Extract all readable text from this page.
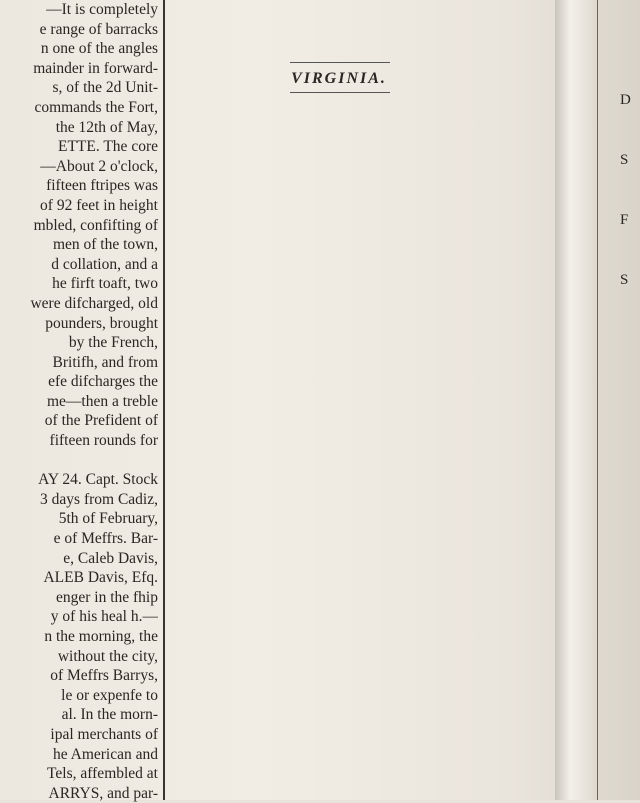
—It is completely

e range of barracks

n one of the angles

mainder in forward-

s, of the 2d Unit-

commands the Fort,

the 12th of May,

ETTE. The core

—About 2 o'clock,

fifteen ftripes was

of 92 feet in height

mbled, confifting of

men of the town,

d collation, and a

he firft toaft, two

were difcharged, old

pounders, brought

by the French,

Britifh, and from

efe difcharges the

me—then a treble

of the Prefident of

fifteen rounds for

AY 24. Capt. Stock

3 days from Cadiz,

5th of February,

e of Meffrs. Bar-

e, Caleb Davis,

ALEB Davis, Efq.

enger in the fhip

y of his heal h.—

n the morning, the

without the city,

of Meffrs Barrys,

le or expenfe to

al. In the morn-

ipal merchants of

he American and

Tels, affembled at

ARRYS, and par-

VIRGINIA.

D

S

F

S
